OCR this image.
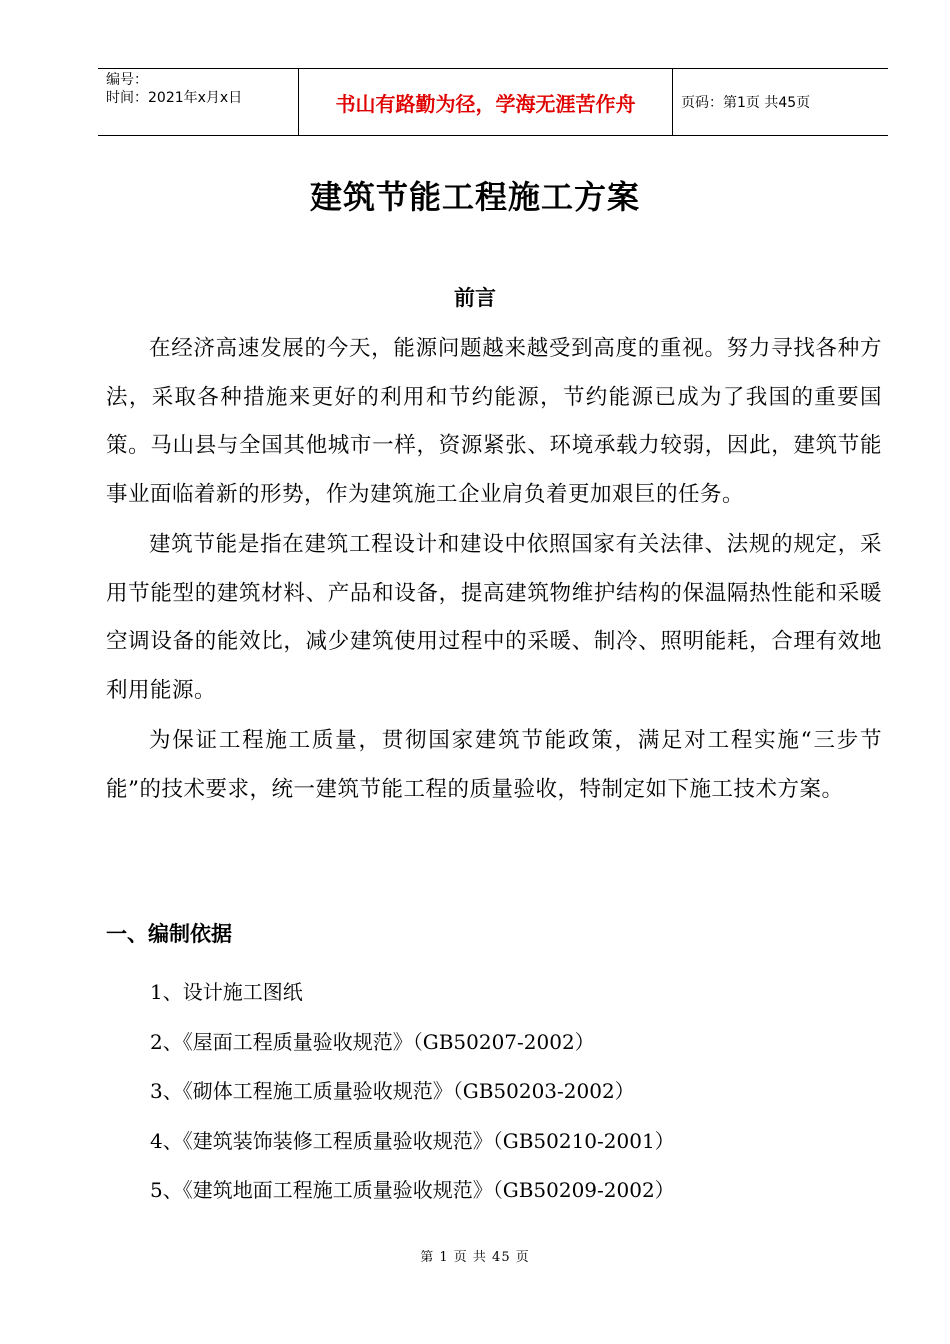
编号：
时间：2021年x月x日	书山有路勤为径，学海无涯苦作舟	页码：第1页 共45页
建筑节能工程施工方案
前言

在经济高速发展的今天，能源问题越来越受到高度的重视。努力寻找各种方法，采取各种措施来更好的利用和节约能源，节约能源已成为了我国的重要国策。马山县与全国其他城市一样，资源紧张、环境承载力较弱，因此，建筑节能事业面临着新的形势，作为建筑施工企业肩负着更加艰巨的任务。

建筑节能是指在建筑工程设计和建设中依照国家有关法律、法规的规定，采用节能型的建筑材料、产品和设备，提高建筑物维护结构的保温隔热性能和采暖空调设备的能效比，减少建筑使用过程中的采暖、制冷、照明能耗，合理有效地利用能源。

为保证工程施工质量，贯彻国家建筑节能政策，满足对工程实施“三步节能”的技术要求，统一建筑节能工程的质量验收，特制定如下施工技术方案。

一、编制依据
1、设计施工图纸
2、《屋面工程质量验收规范》（GB50207-2002）
3、《砌体工程施工质量验收规范》（GB50203-2002）
4、《建筑装饰装修工程质量验收规范》（GB50210-2001）
5、《建筑地面工程施工质量验收规范》（GB50209-2002）
第 1 页 共 45 页
